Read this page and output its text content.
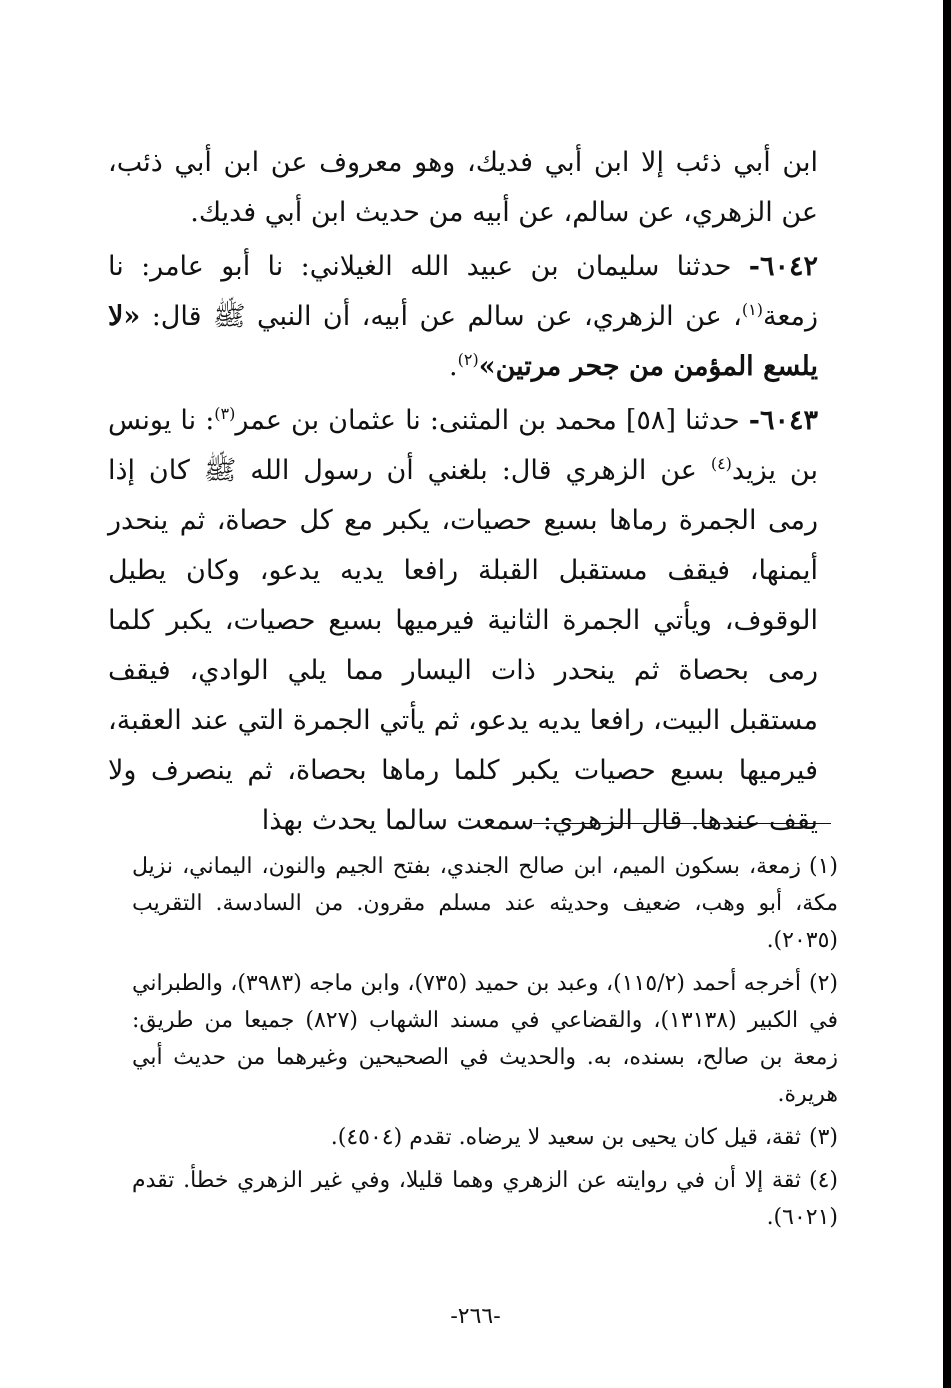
ابن أبي ذئب إلا ابن أبي فديك، وهو معروف عن ابن أبي ذئب، عن الزهري، عن سالم، عن أبيه من حديث ابن أبي فديك.

٦٠٤٢- حدثنا سليمان بن عبيد الله الغيلاني: نا أبو عامر: نا زمعة$^{(١)}$، عن الزهري، عن سالم عن أبيه، أن النبي ﷺ قال: «لا يلسع المؤمن من جحر مرتين»$^{(٢)}$.

٦٠٤٣- حدثنا [٥٨] محمد بن المثنى: نا عثمان بن عمر$^{(٣)}$: نا يونس بن يزيد$^{(٤)}$ عن الزهري قال: بلغني أن رسول الله ﷺ كان إذا رمى الجمرة رماها بسبع حصيات، يكبر مع كل حصاة، ثم ينحدر أيمنها، فيقف مستقبل القبلة رافعا يديه يدعو، وكان يطيل الوقوف، ويأتي الجمرة الثانية فيرميها بسبع حصيات، يكبر كلما رمى بحصاة ثم ينحدر ذات اليسار مما يلي الوادي، فيقف مستقبل البيت، رافعا يديه يدعو، ثم يأتي الجمرة التي عند العقبة، فيرميها بسبع حصيات يكبر كلما رماها بحصاة، ثم ينصرف ولا يقف عندها. قال الزهري: سمعت سالما يحدث بهذا

(١)زمعة، بسكون الميم، ابن صالح الجندي، بفتح الجيم والنون، اليماني، نزيل مكة، أبو وهب، ضعيف وحديثه عند مسلم مقرون. من السادسة. التقريب (٢٠٣٥).

(٢)أخرجه أحمد (١١٥/٢)، وعبد بن حميد (٧٣٥)، وابن ماجه (٣٩٨٣)، والطبراني في الكبير (١٣١٣٨)، والقضاعي في مسند الشهاب (٨٢٧) جميعا من طريق: زمعة بن صالح، بسنده، به. والحديث في الصحيحين وغيرهما من حديث أبي هريرة.

(٣)ثقة، قيل كان يحيى بن سعيد لا يرضاه. تقدم (٤٥٠٤).

(٤)ثقة إلا أن في روايته عن الزهري وهما قليلا، وفي غير الزهري خطأ. تقدم (٦٠٢١).

-٢٦٦-
